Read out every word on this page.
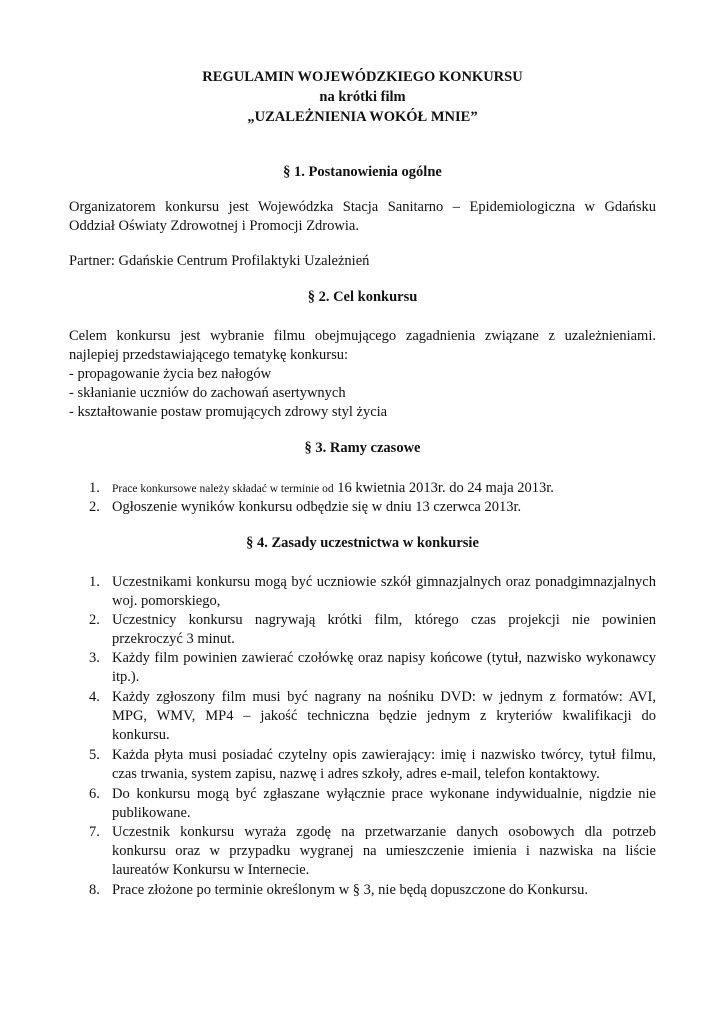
REGULAMIN WOJEWÓDZKIEGO KONKURSU
na krótki film
„UZALEŻNIENIA WOKÓŁ MNIE”
§ 1. Postanowienia ogólne
Organizatorem konkursu jest Wojewódzka Stacja Sanitarno – Epidemiologiczna w Gdańsku
Oddział Oświaty Zdrowotnej i Promocji Zdrowia.
Partner: Gdańskie Centrum Profilaktyki Uzależnień
§ 2. Cel konkursu
Celem konkursu jest wybranie filmu obejmującego zagadnienia związane z uzależnieniami.
najlepiej przedstawiającego tematykę konkursu:
- propagowanie życia bez nałogów
- skłanianie uczniów do zachowań asertywnych
- kształtowanie postaw promujących zdrowy styl życia
§ 3. Ramy czasowe
1. Prace konkursowe należy składać w terminie od 16 kwietnia 2013r. do 24 maja 2013r.
2. Ogłoszenie wyników konkursu odbędzie się w dniu 13 czerwca 2013r.
§ 4. Zasady uczestnictwa w konkursie
1. Uczestnikami konkursu mogą być uczniowie szkół gimnazjalnych oraz ponadgimnazjalnych
woj. pomorskiego,
2. Uczestnicy konkursu nagrywają krótki film, którego czas projekcji nie powinien
przekroczyć 3 minut.
3. Każdy film powinien zawierać czołówkę oraz napisy końcowe (tytuł, nazwisko wykonawcy
itp.).
4. Każdy zgłoszony film musi być nagrany na nośniku DVD: w jednym z formatów: AVI,
MPG, WMV, MP4 – jakość techniczna będzie jednym z kryteriów kwalifikacji do
konkursu.
5. Każda płyta musi posiadać czytelny opis zawierający: imię i nazwisko twórcy, tytuł filmu,
czas trwania, system zapisu, nazwę i adres szkoły, adres e-mail, telefon kontaktowy.
6. Do konkursu mogą być zgłaszane wyłącznie prace wykonane indywidualnie, nigdzie nie
publikowane.
7. Uczestnik konkursu wyraża zgodę na przetwarzanie danych osobowych dla potrzeb
konkursu oraz w przypadku wygranej na umieszczenie imienia i nazwiska na liście
laureatów Konkursu w Internecie.
8. Prace złożone po terminie określonym w § 3, nie będą dopuszczone do Konkursu.
